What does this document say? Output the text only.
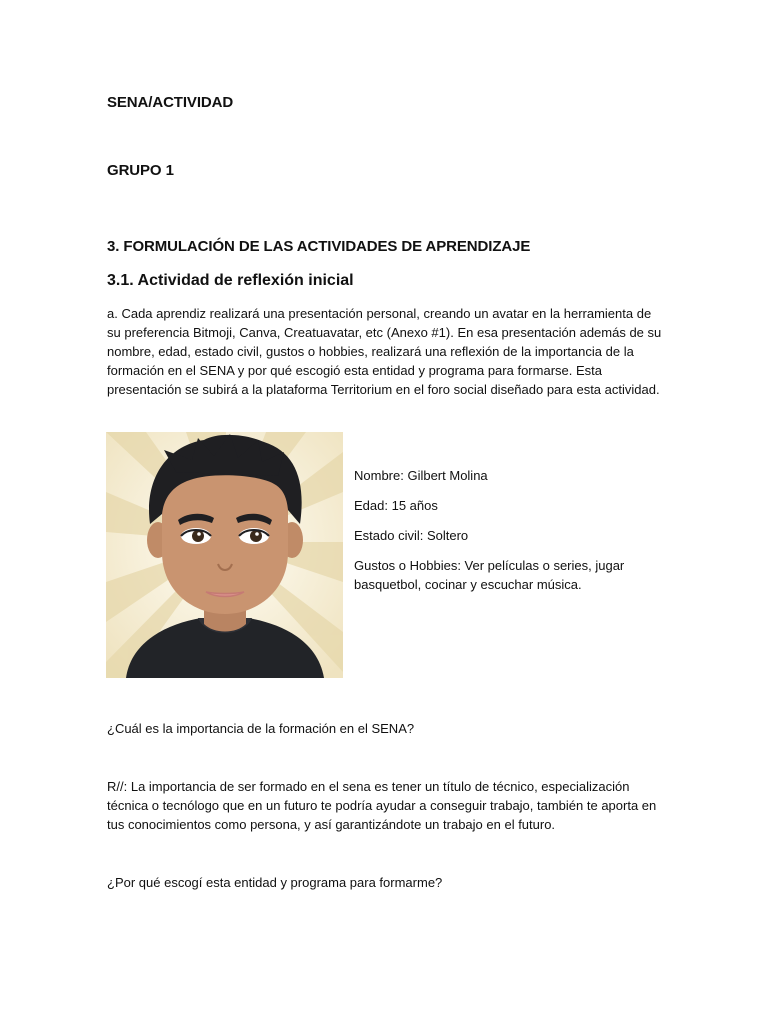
SENA/ACTIVIDAD
GRUPO 1
3. FORMULACIÓN DE LAS ACTIVIDADES DE APRENDIZAJE
3.1. Actividad de reflexión inicial

a. Cada aprendiz realizará una presentación personal, creando un avatar en la herramienta de su preferencia Bitmoji, Canva, Creatuavatar, etc (Anexo #1). En esa presentación además de su nombre, edad, estado civil, gustos o hobbies, realizará una reflexión de la importancia de la formación en el SENA y por qué escogió esta entidad y programa para formarse. Esta presentación se subirá a la plataforma Territorium en el foro social diseñado para esta actividad.

Nombre: Gilbert Molina

Edad: 15 años

Estado civil: Soltero

Gustos o Hobbies: Ver películas o series, jugar basquetbol, cocinar y escuchar música.

¿Cuál es la importancia de la formación en el SENA?

R//: La importancia de ser formado en el sena es tener un título de técnico, especialización técnica o tecnólogo que en un futuro te podría ayudar a conseguir trabajo, también te aporta en tus conocimientos como persona, y así garantizándote un trabajo en el futuro.

¿Por qué escogí esta entidad y programa para formarme?
